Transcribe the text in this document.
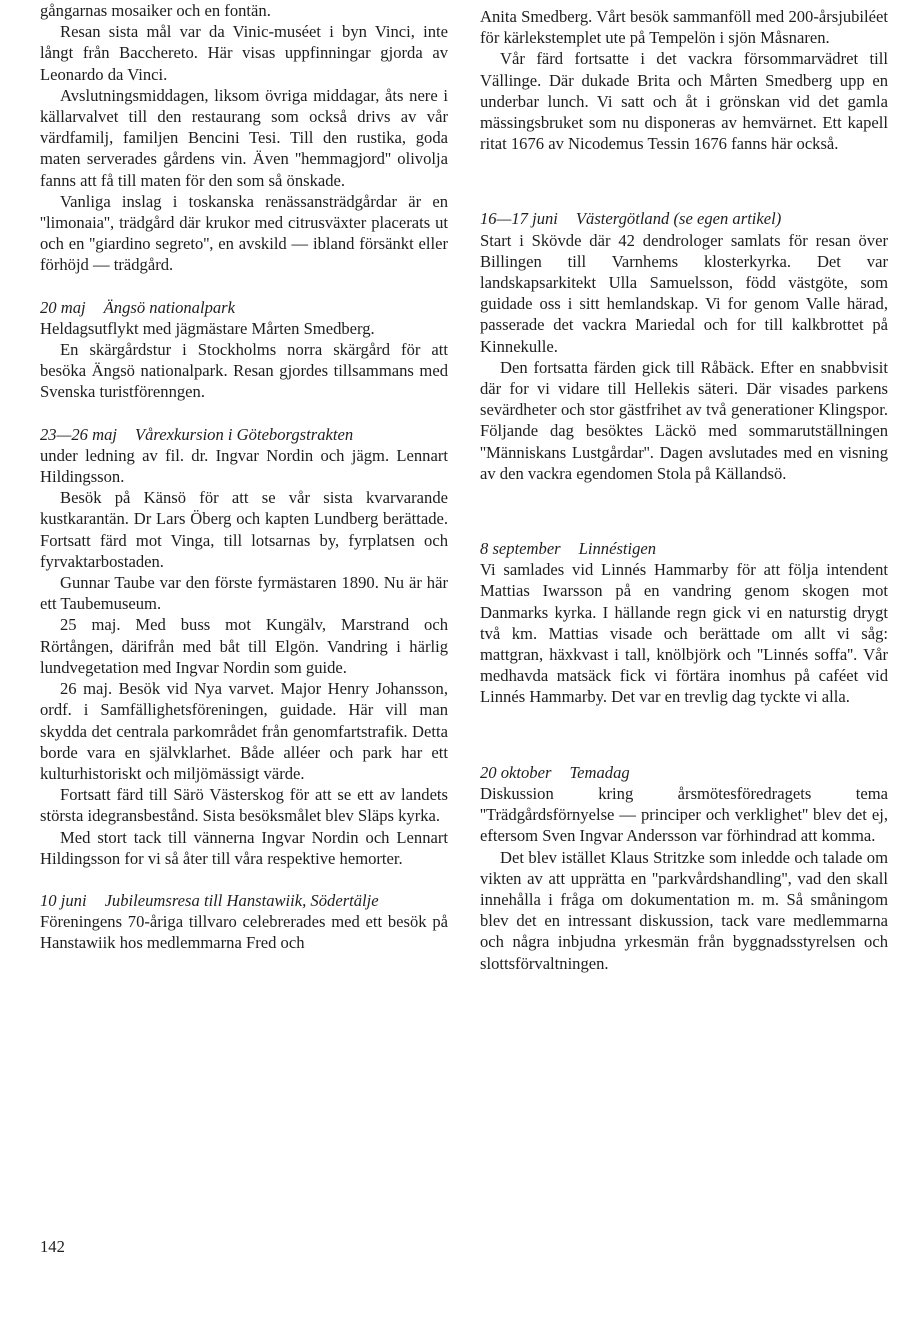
gångarnas mosaiker och en fontän.

Resan sista mål var da Vinic-muséet i byn Vinci, inte långt från Bacchereto. Här visas uppfinningar gjorda av Leonardo da Vinci.

Avslutningsmiddagen, liksom övriga middagar, åts nere i källarvalvet till den restaurang som också drivs av vår värdfamilj, familjen Bencini Tesi. Till den rustika, goda maten serverades gårdens vin. Även ''hemmagjord'' olivolja fanns att få till maten för den som så önskade.

Vanliga inslag i toskanska renässansträdgårdar är en ''limonaia'', trädgård där krukor med citrusväxter placerats ut och en ''giardino segreto'', en avskild — ibland försänkt eller förhöjd — trädgård.

20 maj Ängsö nationalpark

Heldagsutflykt med jägmästare Mårten Smedberg.

En skärgårdstur i Stockholms norra skärgård för att besöka Ängsö nationalpark. Resan gjordes tillsammans med Svenska turistförenngen.

23—26 maj Vårexkursion i Göteborgstrakten

under ledning av fil. dr. Ingvar Nordin och jägm. Lennart Hildingsson.

Besök på Känsö för att se vår sista kvarvarande kustkarantän. Dr Lars Öberg och kapten Lundberg berättade. Fortsatt färd mot Vinga, till lotsarnas by, fyrplatsen och fyrvaktarbostaden.

Gunnar Taube var den förste fyrmästaren 1890. Nu är här ett Taubemuseum.

25 maj. Med buss mot Kungälv, Marstrand och Rörtången, därifrån med båt till Elgön. Vandring i härlig lundvegetation med Ingvar Nordin som guide.

26 maj. Besök vid Nya varvet. Major Henry Johansson, ordf. i Samfällighetsföreningen, guidade. Här vill man skydda det centrala parkområdet från genomfartstrafik. Detta borde vara en självklarhet. Både alléer och park har ett kulturhistoriskt och miljömässigt värde.

Fortsatt färd till Särö Västerskog för att se ett av landets största idegransbestånd. Sista besöksmålet blev Släps kyrka.

Med stort tack till vännerna Ingvar Nordin och Lennart Hildingsson for vi så åter till våra respektive hemorter.

10 juni Jubileumsresa till Hanstawiik, Södertälje

Föreningens 70-åriga tillvaro celebrerades med ett besök på Hanstawiik hos medlemmarna Fred och

Anita Smedberg. Vårt besök sammanföll med 200-årsjubiléet för kärlekstemplet ute på Tempelön i sjön Måsnaren.

Vår färd fortsatte i det vackra försommarvädret till Vällinge. Där dukade Brita och Mårten Smedberg upp en underbar lunch. Vi satt och åt i grönskan vid det gamla mässingsbruket som nu disponeras av hemvärnet. Ett kapell ritat 1676 av Nicodemus Tessin 1676 fanns här också.

16—17 juni Västergötland (se egen artikel)

Start i Skövde där 42 dendrologer samlats för resan över Billingen till Varnhems klosterkyrka. Det var landskapsarkitekt Ulla Samuelsson, född västgöte, som guidade oss i sitt hemlandskap. Vi for genom Valle härad, passerade det vackra Mariedal och for till kalkbrottet på Kinnekulle.

Den fortsatta färden gick till Råbäck. Efter en snabbvisit där for vi vidare till Hellekis säteri. Där visades parkens sevärdheter och stor gästfrihet av två generationer Klingspor. Följande dag besöktes Läckö med sommarutställningen ''Människans Lustgårdar''. Dagen avslutades med en visning av den vackra egendomen Stola på Källandsö.

8 september Linnéstigen

Vi samlades vid Linnés Hammarby för att följa intendent Mattias Iwarsson på en vandring genom skogen mot Danmarks kyrka. I hällande regn gick vi en naturstig drygt två km. Mattias visade och berättade om allt vi såg: mattgran, häxkvast i tall, knölbjörk och ''Linnés soffa''. Vår medhavda matsäck fick vi förtära inomhus på caféet vid Linnés Hammarby. Det var en trevlig dag tyckte vi alla.

20 oktober Temadag

Diskussion kring årsmötesföredragets tema ''Trädgårdsförnyelse — principer och verklighet'' blev det ej, eftersom Sven Ingvar Andersson var förhindrad att komma.

Det blev istället Klaus Stritzke som inledde och talade om vikten av att upprätta en ''parkvårdshandling'', vad den skall innehålla i fråga om dokumentation m. m. Så småningom blev det en intressant diskussion, tack vare medlemmarna och några inbjudna yrkesmän från byggnadsstyrelsen och slottsförvaltningen.

142
